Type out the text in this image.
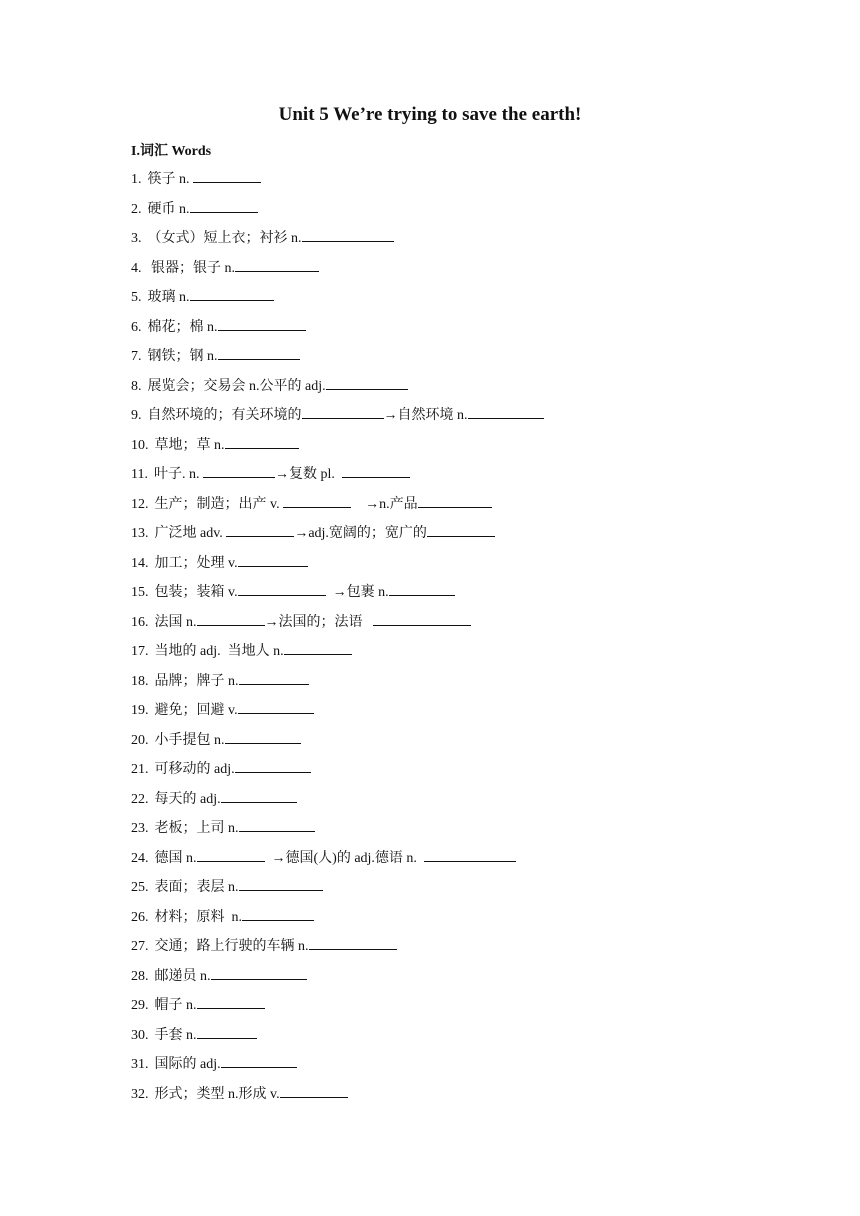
Unit 5 We’re trying to save the earth!
I.词汇 Words
1. 筷子 n.
2. 硬币 n.
3. （女式）短上衣；衬衫 n.
4. 银器；银子 n.
5. 玻璃 n.
6. 棉花；棉 n.
7. 钢铁；钢 n.
8. 展览会；交易会 n.公平的 adj.
9. 自然环境的；有关环境的	→自然环境 n.
10. 草地；草 n.
11. 叶子. n.	→复数 pl.
12. 生产；制造；出产 v.	→n.产品
13. 广泛地 adv.	→adj.宽阔的；宽广的
14. 加工；处理 v.
15. 包装；装箱 v.	→包裹 n.
16. 法国 n.	→法国的；法语
17. 当地的 adj.  当地人 n.
18. 品牌；牌子 n.
19. 避免；回避 v.
20. 小手提包 n.
21. 可移动的 adj.
22. 每天的 adj.
23. 老板；上司 n.
24. 德国 n.	→德国(人)的 adj.德语 n.
25. 表面；表层 n.
26. 材料；原料  n.
27. 交通；路上行驶的车辆 n.
28. 邮递员 n.
29. 帽子 n.
30. 手套 n.
31. 国际的 adj.
32. 形式；类型 n.形成 v.
